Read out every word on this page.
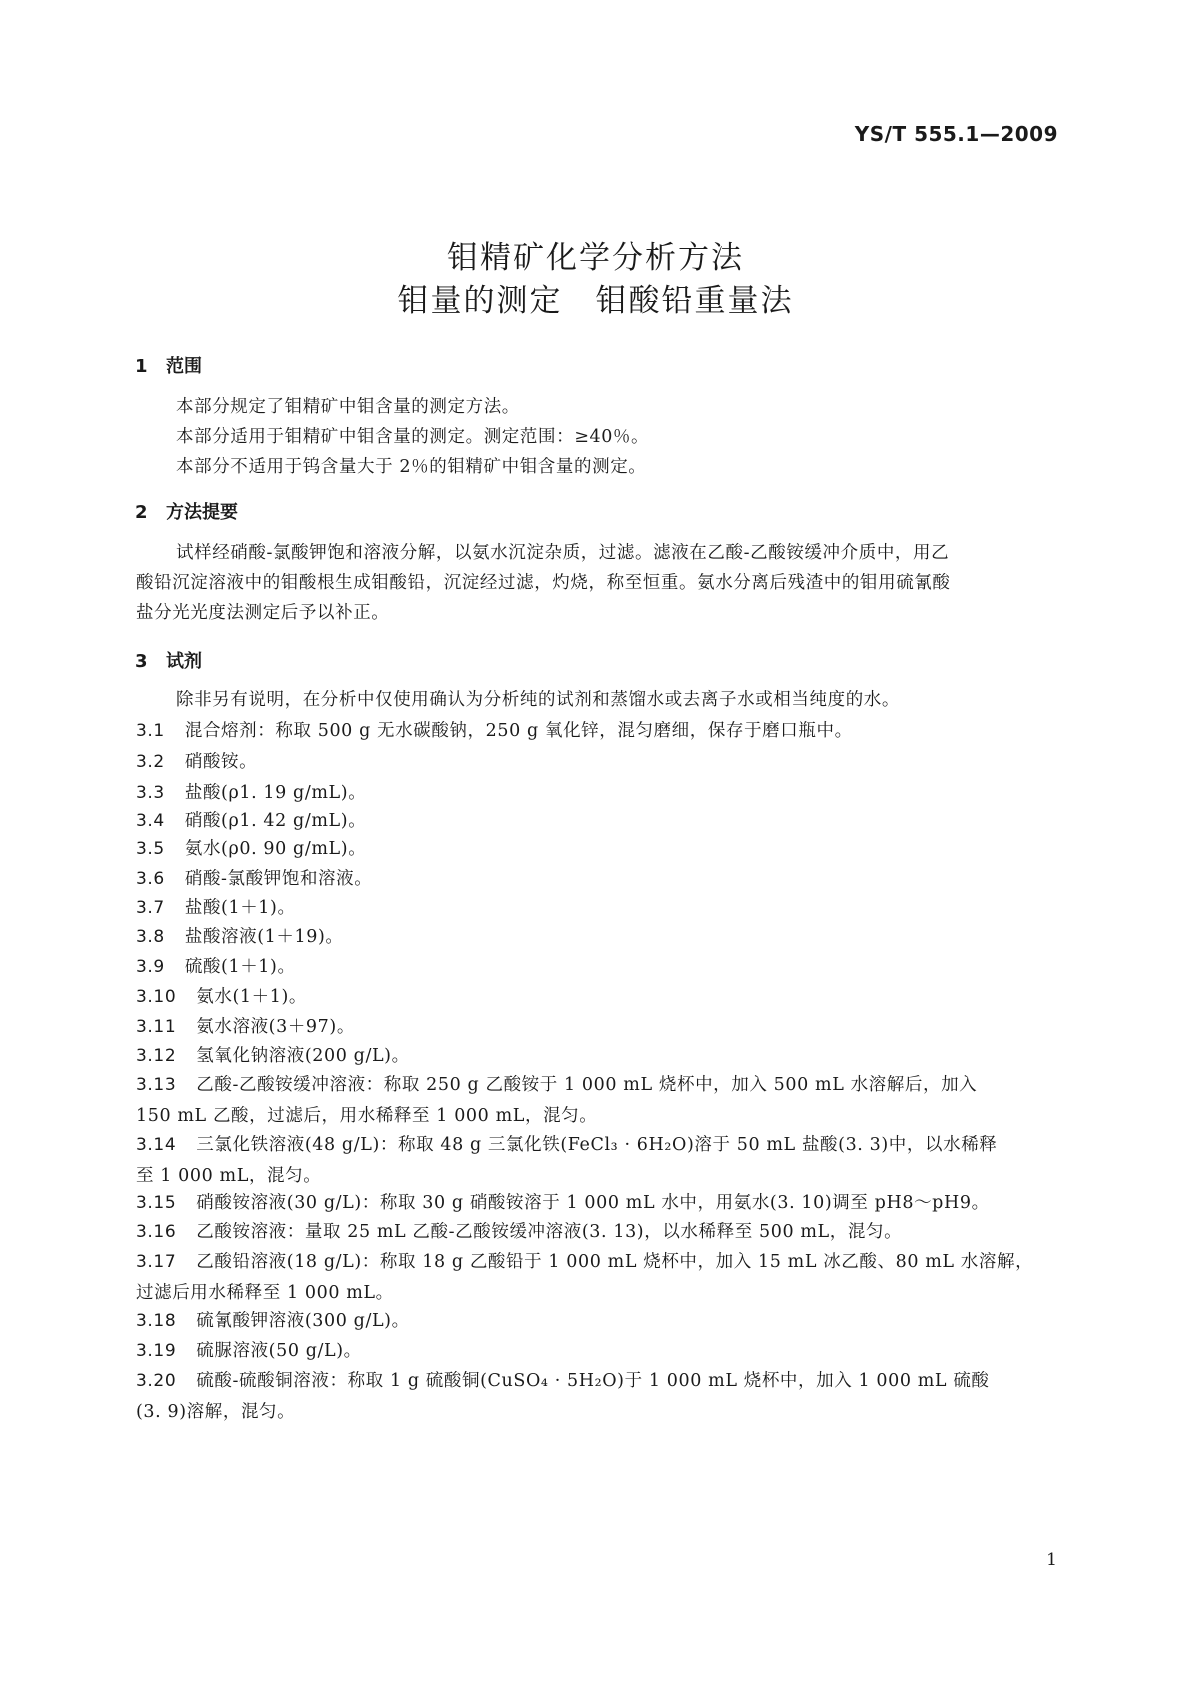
YS/T 555.1—2009
钼精矿化学分析方法
钼量的测定　钼酸铅重量法
1 范围
本部分规定了钼精矿中钼含量的测定方法。
本部分适用于钼精矿中钼含量的测定。测定范围：≥40％。
本部分不适用于钨含量大于 2％的钼精矿中钼含量的测定。
2 方法提要
试样经硝酸-氯酸钾饱和溶液分解，以氨水沉淀杂质，过滤。滤液在乙酸-乙酸铵缓冲介质中，用乙
酸铅沉淀溶液中的钼酸根生成钼酸铅，沉淀经过滤，灼烧，称至恒重。氨水分离后残渣中的钼用硫氰酸
盐分光光度法测定后予以补正。
3 试剂
除非另有说明，在分析中仅使用确认为分析纯的试剂和蒸馏水或去离子水或相当纯度的水。
3.1 混合熔剂：称取 500 g 无水碳酸钠，250 g 氧化锌，混匀磨细，保存于磨口瓶中。
3.2 硝酸铵。
3.3 盐酸(ρ1. 19 g/mL)。
3.4 硝酸(ρ1. 42 g/mL)。
3.5 氨水(ρ0. 90 g/mL)。
3.6 硝酸-氯酸钾饱和溶液。
3.7 盐酸(1＋1)。
3.8 盐酸溶液(1＋19)。
3.9 硫酸(1＋1)。
3.10 氨水(1＋1)。
3.11 氨水溶液(3＋97)。
3.12 氢氧化钠溶液(200 g/L)。
3.13 乙酸-乙酸铵缓冲溶液：称取 250 g 乙酸铵于 1 000 mL 烧杯中，加入 500 mL 水溶解后，加入
150 mL 乙酸，过滤后，用水稀释至 1 000 mL，混匀。
3.14 三氯化铁溶液(48 g/L)：称取 48 g 三氯化铁(FeCl₃ · 6H₂O)溶于 50 mL 盐酸(3. 3)中，以水稀释
至 1 000 mL，混匀。
3.15 硝酸铵溶液(30 g/L)：称取 30 g 硝酸铵溶于 1 000 mL 水中，用氨水(3. 10)调至 pH8～pH9。
3.16 乙酸铵溶液：量取 25 mL 乙酸-乙酸铵缓冲溶液(3. 13)，以水稀释至 500 mL，混匀。
3.17 乙酸铅溶液(18 g/L)：称取 18 g 乙酸铅于 1 000 mL 烧杯中，加入 15 mL 冰乙酸、80 mL 水溶解，
过滤后用水稀释至 1 000 mL。
3.18 硫氰酸钾溶液(300 g/L)。
3.19 硫脲溶液(50 g/L)。
3.20 硫酸-硫酸铜溶液：称取 1 g 硫酸铜(CuSO₄ · 5H₂O)于 1 000 mL 烧杯中，加入 1 000 mL 硫酸
(3. 9)溶解，混匀。
1
